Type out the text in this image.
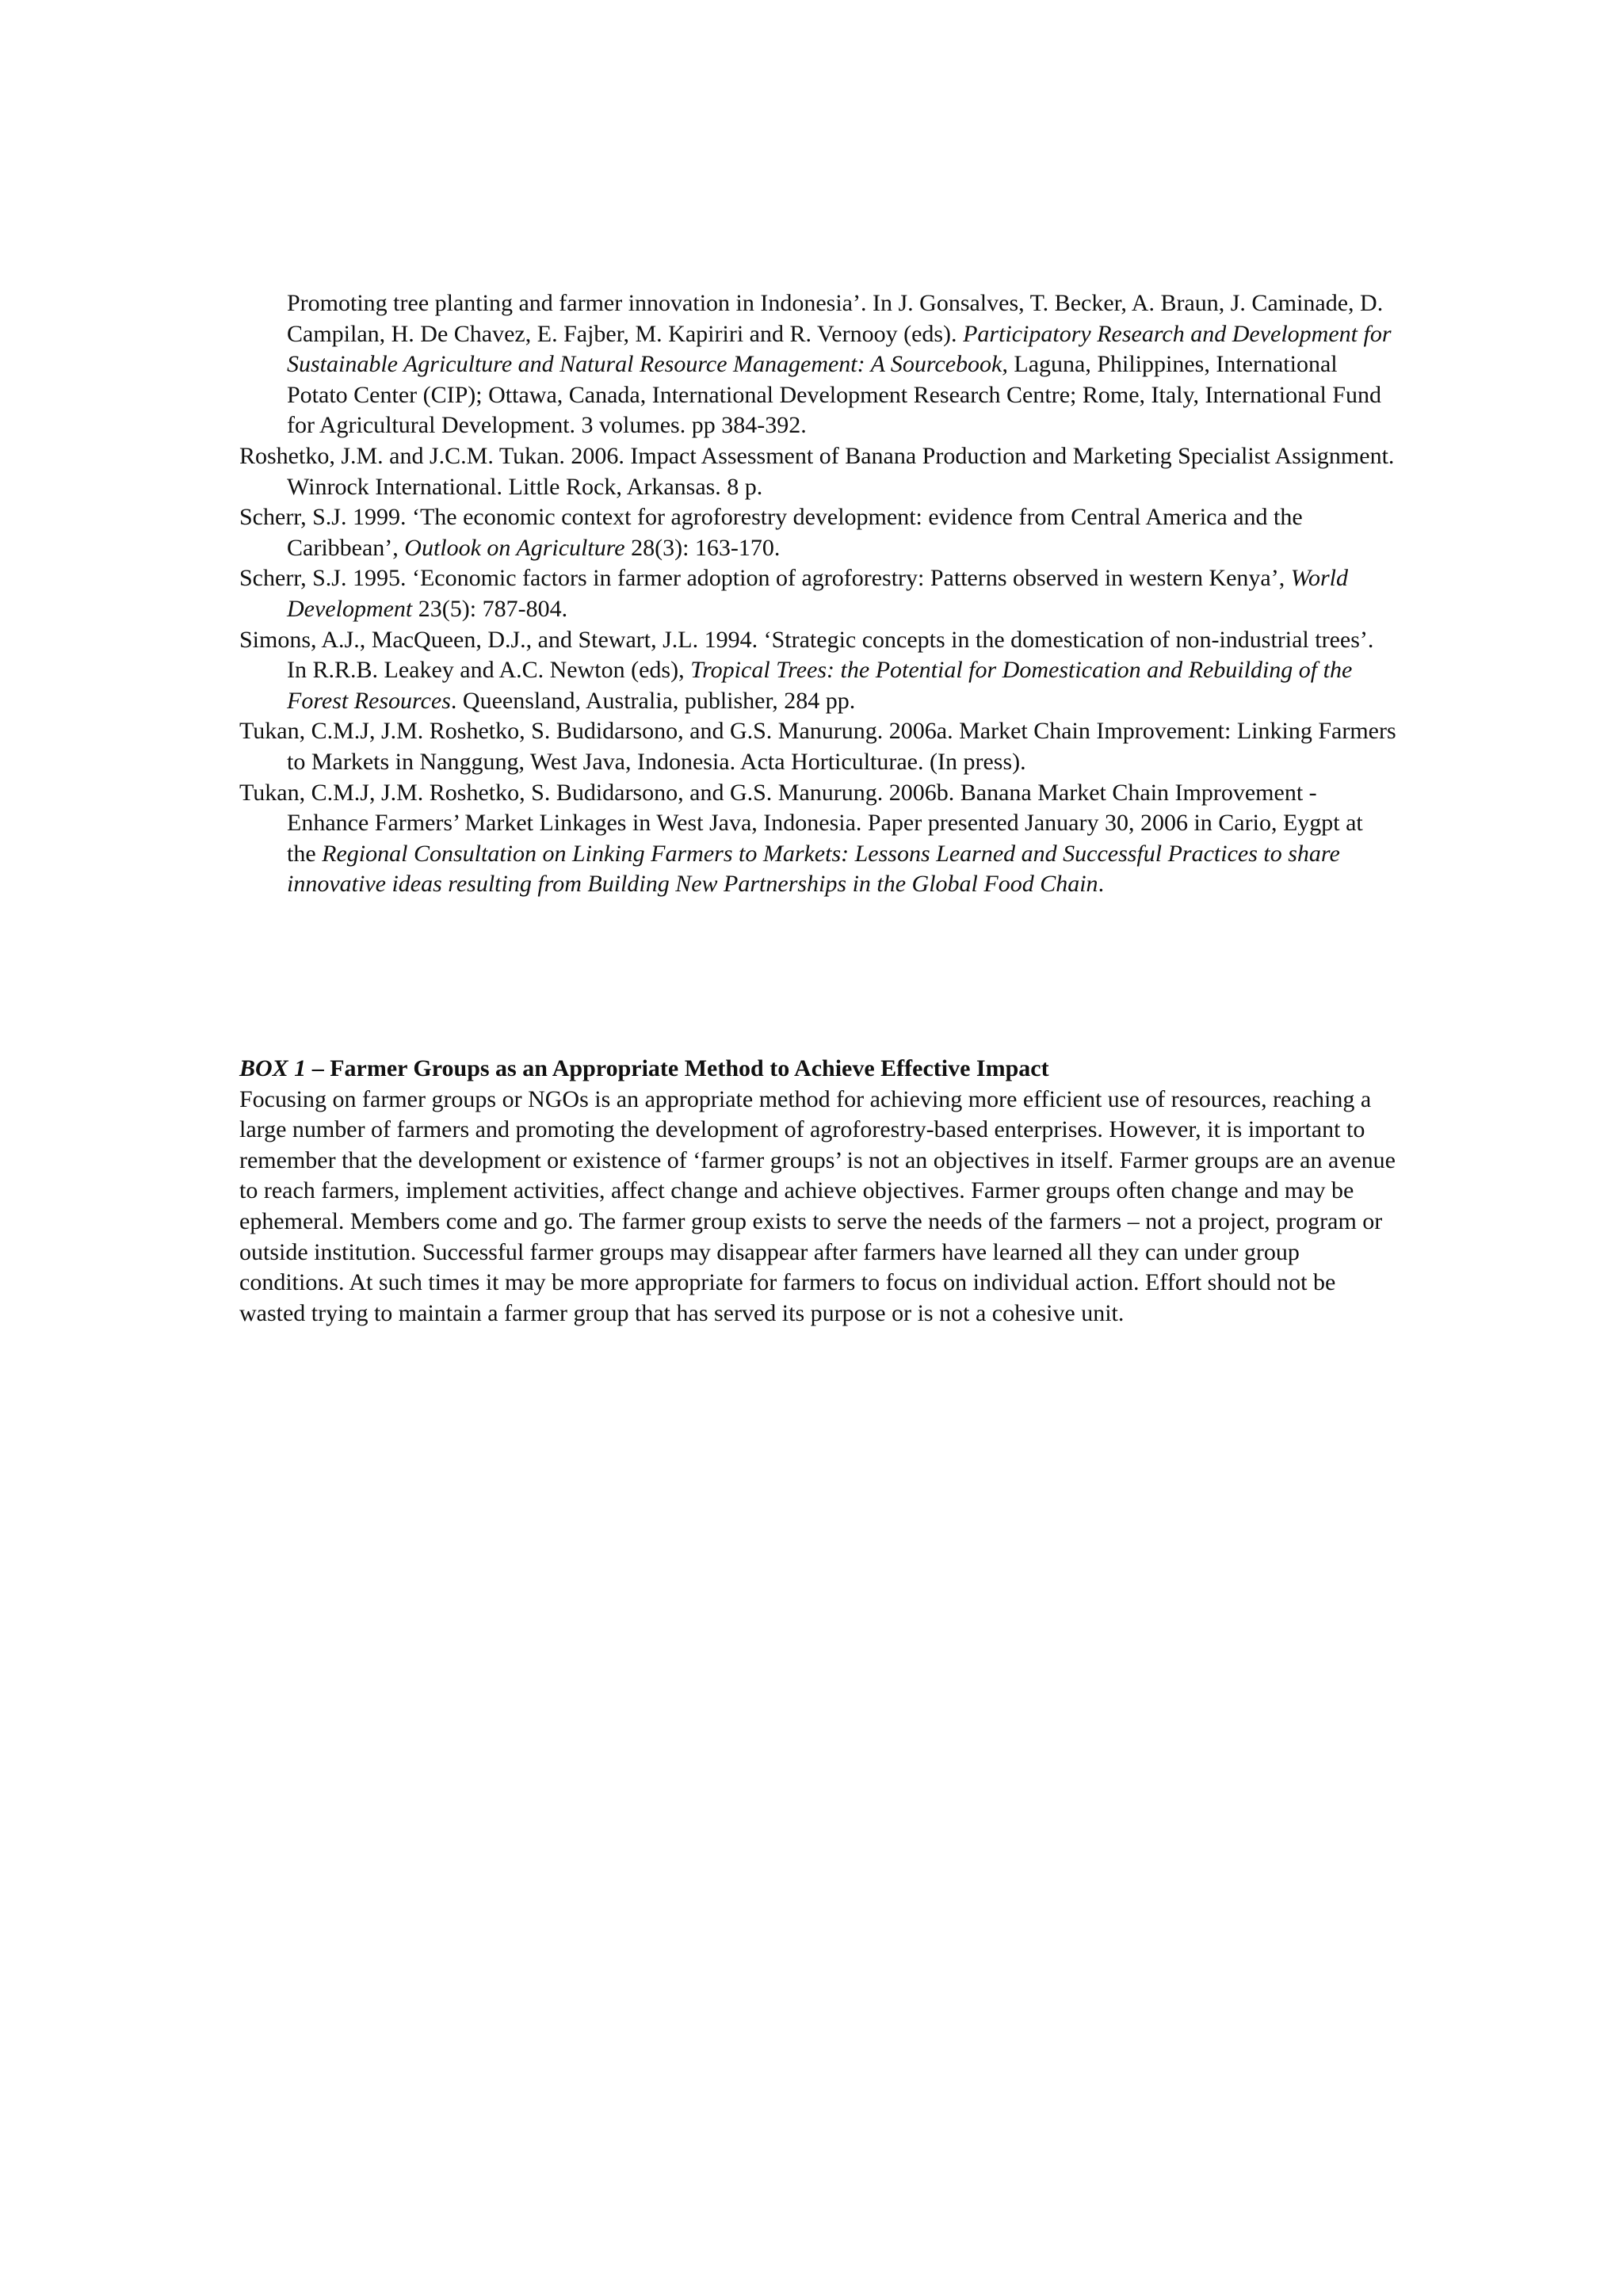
Promoting tree planting and farmer innovation in Indonesia’. In J. Gonsalves, T. Becker, A. Braun, J. Caminade, D. Campilan, H. De Chavez, E. Fajber, M. Kapiriri and R. Vernooy (eds). Participatory Research and Development for Sustainable Agriculture and Natural Resource Management: A Sourcebook, Laguna, Philippines, International Potato Center (CIP); Ottawa, Canada, International Development Research Centre; Rome, Italy, International Fund for Agricultural Development. 3 volumes. pp 384-392.

Roshetko, J.M. and J.C.M. Tukan. 2006. Impact Assessment of Banana Production and Marketing Specialist Assignment. Winrock International. Little Rock, Arkansas. 8 p.

Scherr, S.J. 1999. ‘The economic context for agroforestry development: evidence from Central America and the Caribbean’, Outlook on Agriculture 28(3): 163-170.

Scherr, S.J. 1995. ‘Economic factors in farmer adoption of agroforestry: Patterns observed in western Kenya’, World Development 23(5): 787-804.

Simons, A.J., MacQueen, D.J., and Stewart, J.L. 1994. ‘Strategic concepts in the domestication of non-industrial trees’. In R.R.B. Leakey and A.C. Newton (eds), Tropical Trees: the Potential for Domestication and Rebuilding of the Forest Resources. Queensland, Australia, publisher, 284 pp.

Tukan, C.M.J, J.M. Roshetko, S. Budidarsono, and G.S. Manurung. 2006a. Market Chain Improvement: Linking Farmers to Markets in Nanggung, West Java, Indonesia. Acta Horticulturae. (In press).

Tukan, C.M.J, J.M. Roshetko, S. Budidarsono, and G.S. Manurung. 2006b. Banana Market Chain Improvement - Enhance Farmers’ Market Linkages in West Java, Indonesia. Paper presented January 30, 2006 in Cario, Eygpt at the Regional Consultation on Linking Farmers to Markets: Lessons Learned and Successful Practices to share innovative ideas resulting from Building New Partnerships in the Global Food Chain.

BOX 1 – Farmer Groups as an Appropriate Method to Achieve Effective Impact

Focusing on farmer groups or NGOs is an appropriate method for achieving more efficient use of resources, reaching a large number of farmers and promoting the development of agroforestry-based enterprises. However, it is important to remember that the development or existence of ‘farmer groups’ is not an objectives in itself. Farmer groups are an avenue to reach farmers, implement activities, affect change and achieve objectives. Farmer groups often change and may be ephemeral. Members come and go. The farmer group exists to serve the needs of the farmers – not a project, program or outside institution. Successful farmer groups may disappear after farmers have learned all they can under group conditions. At such times it may be more appropriate for farmers to focus on individual action. Effort should not be wasted trying to maintain a farmer group that has served its purpose or is not a cohesive unit.
